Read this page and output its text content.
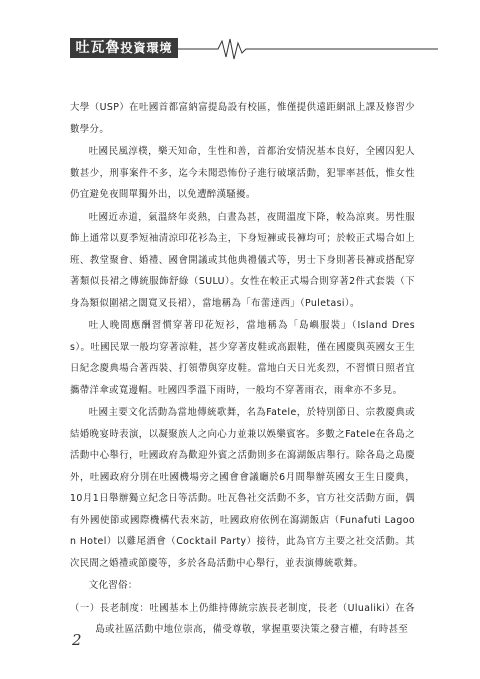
吐瓦魯投資環境簡介

大學（USP）在吐國首都富納富提島設有校區，惟僅提供遠距網訊上課及修習少數學分。

吐國民風淳樸，樂天知命，生性和善，首都治安情況基本良好，全國囚犯人數甚少，刑事案件不多，迄今未聞恐怖份子進行破壞活動，犯罪率甚低，惟女性仍宜避免夜間單獨外出，以免遭醉漢騷擾。

吐國近赤道，氣溫終年炎熱，白晝為甚，夜間溫度下降，較為涼爽。男性服飾上通常以夏季短袖清涼印花衫為主，下身短褲或長褲均可；於較正式場合如上班、教堂聚會、婚禮、國會開議或其他典禮儀式等，男士下身則著長褲或搭配穿著類似長裙之傳統服飾舒綠（SULU）。女性在較正式場合則穿著2件式套裝（下身為類似圍裙之闊寬叉長裙），當地稱為「布蕾達西」（Puletasi）。

吐人晚間應酬習慣穿著印花短衫，當地稱為「島嶼服裝」（Island Dress）。吐國民眾一般均穿著涼鞋，甚少穿著皮鞋或高跟鞋，僅在國慶與英國女王生日紀念慶典場合著西裝、打領帶與穿皮鞋。當地白天日光炙烈，不習慣日照者宜攜帶洋傘或寬邊帽。吐國四季溫下雨時，一般均不穿著雨衣，雨傘亦不多見。

吐國主要文化活動為當地傳統歌舞，名為Fatele，於特別節日、宗教慶典或結婚晚宴時表演，以凝聚族人之向心力並兼以娛樂賓客。多數之Fatele在各島之活動中心舉行，吐國政府為歡迎外賓之活動則多在瀉湖飯店舉行。除各島之島慶外，吐國政府分別在吐國機場旁之國會會議廳於6月間舉辦英國女王生日慶典，10月1日舉辦獨立紀念日等活動。吐瓦魯社交活動不多，官方社交活動方面，偶有外國使節或國際機構代表來訪，吐國政府依例在瀉湖飯店（Funafuti Lagoon Hotel）以雞尾酒會（Cocktail Party）接待，此為官方主要之社交活動。其次民間之婚禮或節慶等，多於各島活動中心舉行，並表演傳統歌舞。

文化習俗：

（一）長老制度：吐國基本上仍維持傳統宗族長老制度，長老（Ulualiki）在各島或社區活動中地位崇高，備受尊敬，掌握重要決策之發言權，有時甚至

2
